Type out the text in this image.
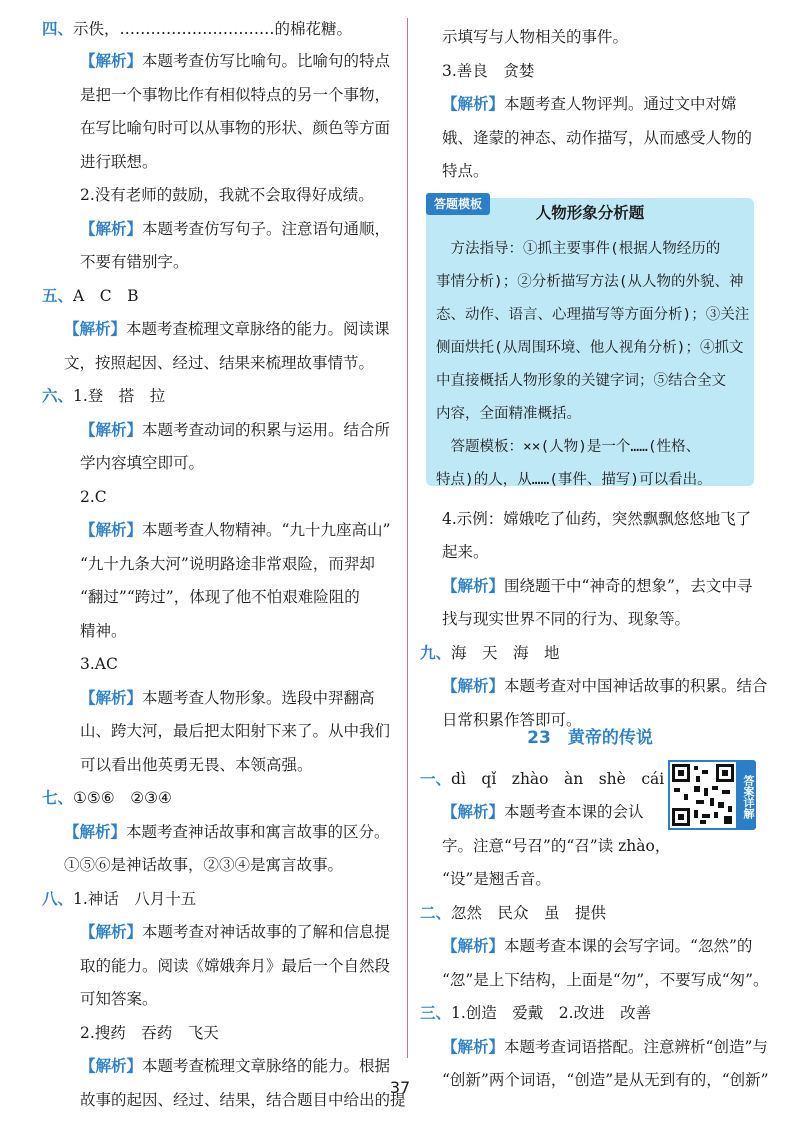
四、示佚，…………………………的棉花糖。
【解析】本题考查仿写比喻句。比喻句的特点
是把一个事物比作有相似特点的另一个事物，
在写比喻句时可以从事物的形状、颜色等方面
进行联想。
2.没有老师的鼓励，我就不会取得好成绩。
【解析】本题考查仿写句子。注意语句通顺，
不要有错别字。
五、A　C　B
【解析】本题考查梳理文章脉络的能力。阅读课
文，按照起因、经过、结果来梳理故事情节。
六、1.登　搭　拉
【解析】本题考查动词的积累与运用。结合所
学内容填空即可。
2.C
【解析】本题考查人物精神。“九十九座高山”
“九十九条大河”说明路途非常艰险，而羿却
“翻过”“跨过”，体现了他不怕艰难险阻的
精神。
3.AC
【解析】本题考查人物形象。选段中羿翻高
山、跨大河，最后把太阳射下来了。从中我们
可以看出他英勇无畏、本领高强。
七、①⑤⑥　②③④
【解析】本题考查神话故事和寓言故事的区分。
①⑤⑥是神话故事，②③④是寓言故事。
八、1.神话　八月十五
【解析】本题考查对神话故事的了解和信息提
取的能力。阅读《嫦娥奔月》最后一个自然段
可知答案。
2.搜药　吞药　飞天
【解析】本题考查梳理文章脉络的能力。根据
故事的起因、经过、结果，结合题目中给出的提
示填写与人物相关的事件。
3.善良　贪婪
【解析】本题考查人物评判。通过文中对嫦
娥、逄蒙的神态、动作描写，从而感受人物的
特点。
4.示例：嫦娥吃了仙药，突然飘飘悠悠地飞了
起来。
【解析】围绕题干中“神奇的想象”，去文中寻
找与现实世界不同的行为、现象等。
九、海　天　海　地
【解析】本题考查对中国神话故事的积累。结合
日常积累作答即可。
一、dì　qǐ　zhào　àn　shè　cái
【解析】本题考查本课的会认
字。注意“号召”的“召”读 zhào，
“设”是翘舌音。
二、忽然　民众　虽　提供
【解析】本题考查本课的会写字词。“忽然”的
“忽”是上下结构，上面是“勿”，不要写成“匆”。
三、1.创造　爱戴　2.改进　改善
【解析】本题考查词语搭配。注意辨析“创造”与
“创新”两个词语，“创造”是从无到有的，“创新”
答题模板	人物形象分析题
　方法指导：①抓主要事件(根据人物经历的
事情分析)；②分析描写方法(从人物的外貌、神
态、动作、语言、心理描写等方面分析)；③关注
侧面烘托(从周围环境、他人视角分析)；④抓文
中直接概括人物形象的关键字词；⑤结合全文
内容，全面精准概括。
　答题模板：××(人物)是一个……(性格、
特点)的人，从……(事件、描写)可以看出。
23　黄帝的传说
答案详解
37
